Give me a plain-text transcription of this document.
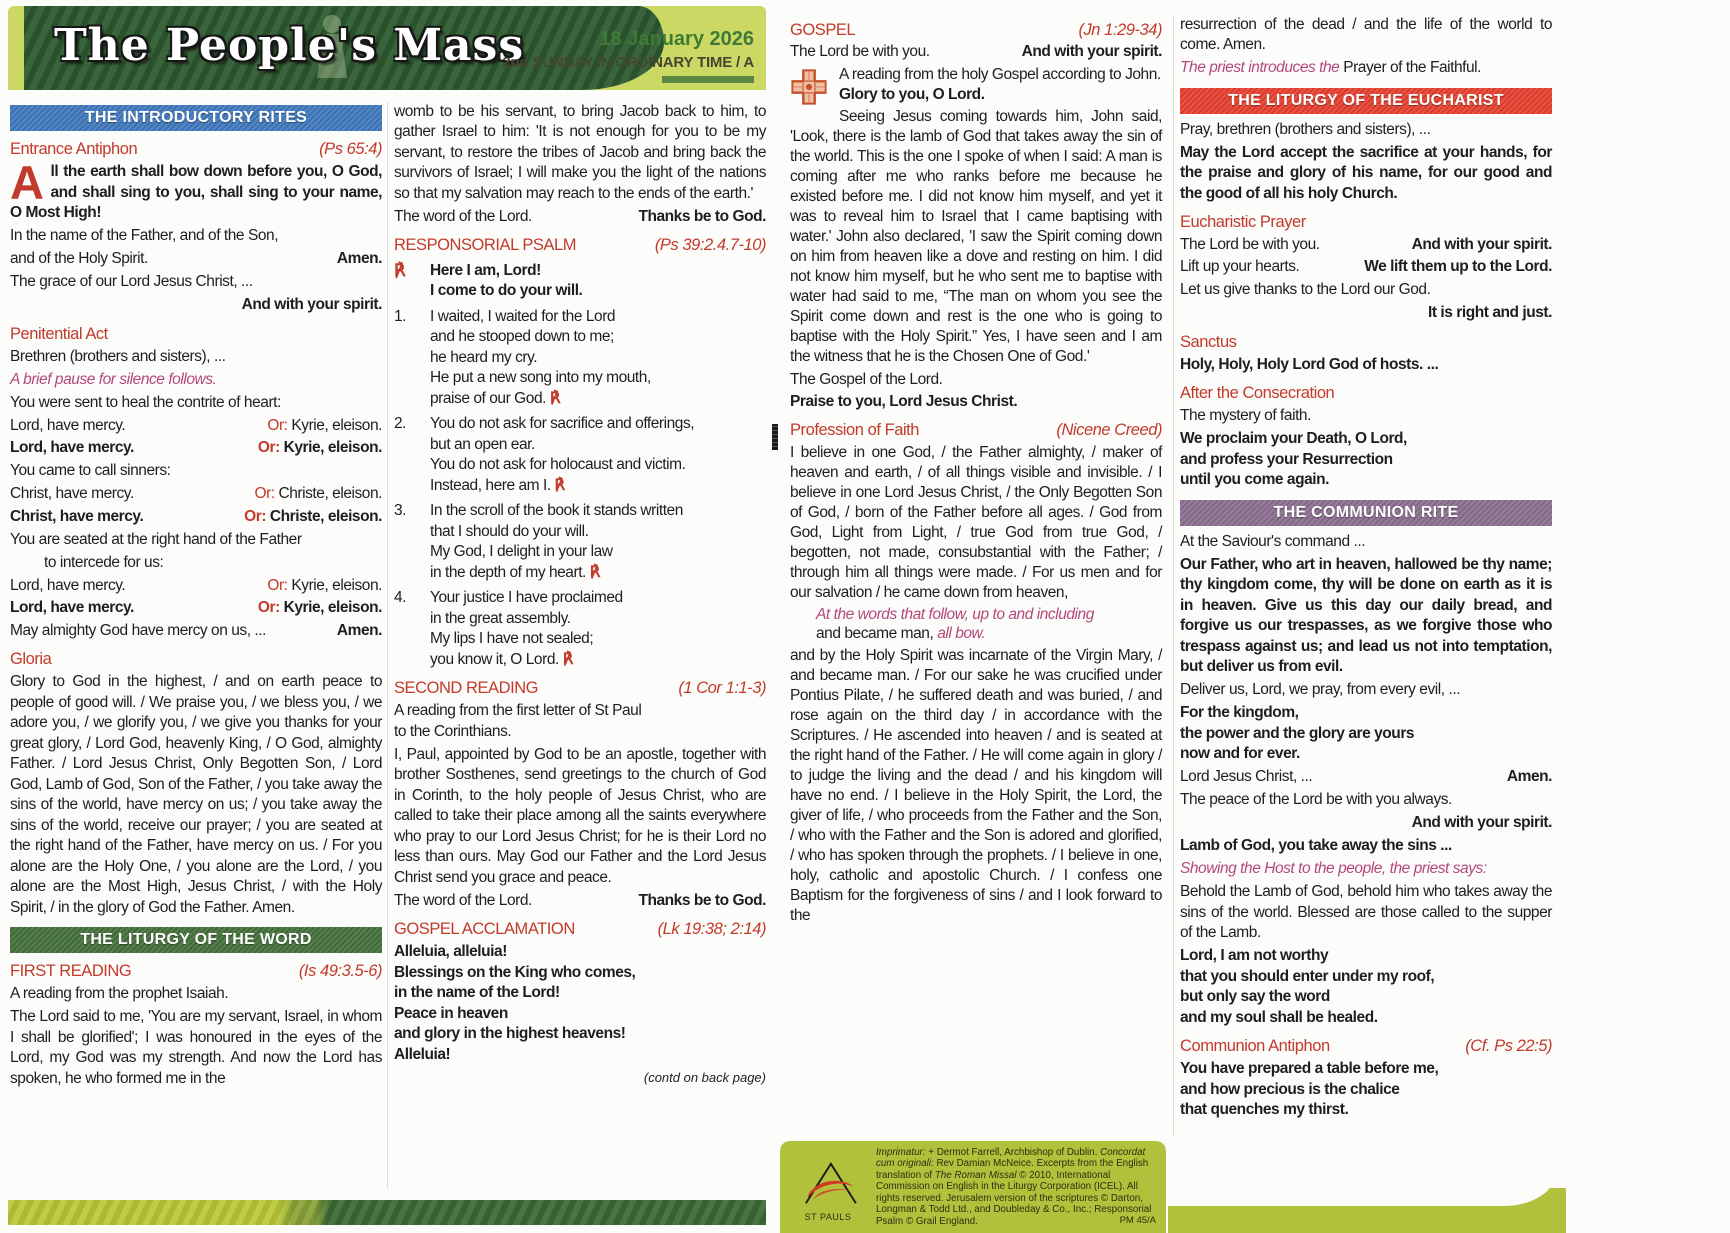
The People's Mass	18 January 2026
2nd SUNDAY IN ORDINARY TIME / A
THE INTRODUCTORY RITES
Entrance Antiphon	(Ps 65:4)
All the earth shall bow down before you, O God, and shall sing to you, shall sing to your name, O Most High!
In the name of the Father, and of the Son,
and of the Holy Spirit.	Amen.
The grace of our Lord Jesus Christ, ...
And with your spirit.
Penitential Act
Brethren (brothers and sisters), ...
A brief pause for silence follows.
You were sent to heal the contrite of heart:
Lord, have mercy.	Or: Kyrie, eleison.
Lord, have mercy.	Or: Kyrie, eleison.
You came to call sinners:
Christ, have mercy.	Or: Christe, eleison.
Christ, have mercy.	Or: Christe, eleison.
You are seated at the right hand of the Father
to intercede for us:
Lord, have mercy.	Or: Kyrie, eleison.
Lord, have mercy.	Or: Kyrie, eleison.
May almighty God have mercy on us, ...	Amen.
Gloria
Glory to God in the highest, / and on earth peace to people of good will. / We praise you, / we bless you, / we adore you, / we glorify you, / we give you thanks for your great glory, / Lord God, heavenly King, / O God, almighty Father. / Lord Jesus Christ, Only Begotten Son, / Lord God, Lamb of God, Son of the Father, / you take away the sins of the world, have mercy on us; / you take away the sins of the world, receive our prayer; / you are seated at the right hand of the Father, have mercy on us. / For you alone are the Holy One, / you alone are the Lord, / you alone are the Most High, Jesus Christ, / with the Holy Spirit, / in the glory of God the Father. Amen.
THE LITURGY OF THE WORD
FIRST READING	(Is 49:3.5-6)
A reading from the prophet Isaiah.
The Lord said to me, 'You are my servant, Israel, in whom I shall be glorified'; I was honoured in the eyes of the Lord, my God was my strength. And now the Lord has spoken, he who formed me in the
womb to be his servant, to bring Jacob back to him, to gather Israel to him: 'It is not enough for you to be my servant, to restore the tribes of Jacob and bring back the survivors of Israel; I will make you the light of the nations so that my salvation may reach to the ends of the earth.'
The word of the Lord.	Thanks be to God.
RESPONSORIAL PSALM	(Ps 39:2.4.7-10)
℟	Here I am, Lord!
I come to do your will.
1.	I waited, I waited for the Lord
and he stooped down to me;
he heard my cry.
He put a new song into my mouth,
praise of our God. ℟
2.	You do not ask for sacrifice and offerings,
but an open ear.
You do not ask for holocaust and victim.
Instead, here am I. ℟
3.	In the scroll of the book it stands written
that I should do your will.
My God, I delight in your law
in the depth of my heart. ℟
4.	Your justice I have proclaimed
in the great assembly.
My lips I have not sealed;
you know it, O Lord. ℟
SECOND READING	(1 Cor 1:1-3)
A reading from the first letter of St Paul
to the Corinthians.
I, Paul, appointed by God to be an apostle, together with brother Sosthenes, send greetings to the church of God in Corinth, to the holy people of Jesus Christ, who are called to take their place among all the saints everywhere who pray to our Lord Jesus Christ; for he is their Lord no less than ours. May God our Father and the Lord Jesus Christ send you grace and peace.
The word of the Lord.	Thanks be to God.
GOSPEL ACCLAMATION	(Lk 19:38; 2:14)
Alleluia, alleluia!
Blessings on the King who comes,
in the name of the Lord!
Peace in heaven
and glory in the highest heavens!
Alleluia!
(contd on back page)
GOSPEL	(Jn 1:29-34)
The Lord be with you.	And with your spirit.
A reading from the holy Gospel according to John. Glory to you, O Lord.
Seeing Jesus coming towards him, John said, 'Look, there is the lamb of God that takes away the sin of the world. This is the one I spoke of when I said: A man is coming after me who ranks before me because he existed before me. I did not know him myself, and yet it was to reveal him to Israel that I came baptising with water.' John also declared, 'I saw the Spirit coming down on him from heaven like a dove and resting on him. I did not know him myself, but he who sent me to baptise with water had said to me, “The man on whom you see the Spirit come down and rest is the one who is going to baptise with the Holy Spirit.” Yes, I have seen and I am the witness that he is the Chosen One of God.'
The Gospel of the Lord.
Praise to you, Lord Jesus Christ.
Profession of Faith	(Nicene Creed)
I believe in one God, / the Father almighty, / maker of heaven and earth, / of all things visible and invisible. / I believe in one Lord Jesus Christ, / the Only Begotten Son of God, / born of the Father before all ages. / God from God, Light from Light, / true God from true God, / begotten, not made, consubstantial with the Father; / through him all things were made. / For us men and for our salvation / he came down from heaven,
At the words that follow, up to and including
and became man, all bow.
and by the Holy Spirit was incarnate of the Virgin Mary, / and became man. / For our sake he was crucified under Pontius Pilate, / he suffered death and was buried, / and rose again on the third day / in accordance with the Scriptures. / He ascended into heaven / and is seated at the right hand of the Father. / He will come again in glory / to judge the living and the dead / and his kingdom will have no end. / I believe in the Holy Spirit, the Lord, the giver of life, / who proceeds from the Father and the Son, / who with the Father and the Son is adored and glorified, / who has spoken through the prophets. / I believe in one, holy, catholic and apostolic Church. / I confess one Baptism for the forgiveness of sins / and I look forward to the
resurrection of the dead / and the life of the world to come. Amen.
The priest introduces the Prayer of the Faithful.
THE LITURGY OF THE EUCHARIST
Pray, brethren (brothers and sisters), ...
May the Lord accept the sacrifice at your hands, for the praise and glory of his name, for our good and the good of all his holy Church.
Eucharistic Prayer
The Lord be with you.	And with your spirit.
Lift up your hearts.	We lift them up to the Lord.
Let us give thanks to the Lord our God.
It is right and just.
Sanctus
Holy, Holy, Holy Lord God of hosts. ...
After the Consecration
The mystery of faith.
We proclaim your Death, O Lord,
and profess your Resurrection
until you come again.
THE COMMUNION RITE
At the Saviour's command ...
Our Father, who art in heaven, hallowed be thy name; thy kingdom come, thy will be done on earth as it is in heaven. Give us this day our daily bread, and forgive us our trespasses, as we forgive those who trespass against us; and lead us not into temptation, but deliver us from evil.
Deliver us, Lord, we pray, from every evil, ...
For the kingdom,
the power and the glory are yours
now and for ever.
Lord Jesus Christ, ...	Amen.
The peace of the Lord be with you always.
And with your spirit.
Lamb of God, you take away the sins ...
Showing the Host to the people, the priest says:
Behold the Lamb of God, behold him who takes away the sins of the world. Blessed are those called to the supper of the Lamb.
Lord, I am not worthy
that you should enter under my roof,
but only say the word
and my soul shall be healed.
Communion Antiphon	(Cf. Ps 22:5)
You have prepared a table before me,
and how precious is the chalice
that quenches my thirst.
ST PAULS
Imprimatur: + Dermot Farrell, Archbishop of Dublin. Concordat cum originali: Rev Damian McNeice. Excerpts from the English translation of The Roman Missal © 2010, International Commission on English in the Liturgy Corporation (ICEL). All rights reserved. Jerusalem version of the scriptures © Darton, Longman & Todd Ltd., and Doubleday & Co., Inc.; Responsorial Psalm © Grail England.	PM 45/A
